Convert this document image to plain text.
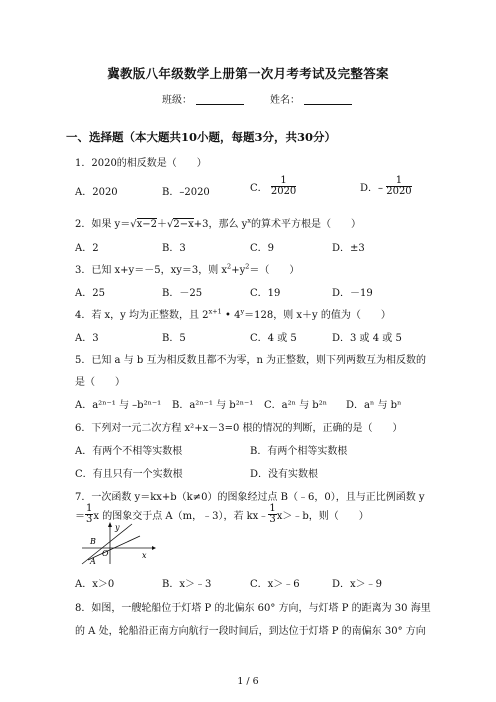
冀教版八年级数学上册第一次月考考试及完整答案
班级：	姓名：
一、选择题（本大题共10小题，每题3分，共30分）
1．2020的相反数是（　　）
A．2020	B．–2020	C． $\frac{1}{2020}$	D．– $\frac{1}{2020}$
2．如果 y＝√x−2＋√2−x+3，那么 $y^x$的算术平方根是（　　）
A．2	B．3	C．9	D．±3
3．已知 x+y＝－5，xy＝3，则 $x^2+y^2=$（　　）
A．25	B．－25	C．19	D．－19
4．若 x，y 均为正整数，且 $2^{x+1}$ • $4^y=128$，则 x＋y 的值为（　　）
A．3	B．5	C．4 或 5	D．3 或 4 或 5
5．已知 a 与 b 互为相反数且都不为零，n 为正整数，则下列两数互为相反数的
是（　　）
A．a²ⁿ⁻¹ 与 –b²ⁿ⁻¹ B．a²ⁿ⁻¹ 与 b²ⁿ⁻¹ C．a²ⁿ 与 b²ⁿ D．aⁿ 与 bⁿ
6．下列对一元二次方程 x²+x－3=0 根的情况的判断，正确的是（　　）
A．有两个不相等实数根	B．有两个相等实数根
C．有且只有一个实数根	D．没有实数根
7．一次函数 y＝kx+b（k≠0）的图象经过点 B（﹣6，0），且与正比例函数 y
＝ $\frac{1}{3}$ x 的图象交于点 A（m，﹣3），若 kx﹣ $\frac{1}{3}$ x＞﹣b，则（　　）
y
x
O
B
A
A．x＞0	B．x＞﹣3	C．x＞﹣6	D．x＞﹣9
8．如图，一艘轮船位于灯塔 P 的北偏东 60° 方向，与灯塔 P 的距离为 30 海里
的 A 处，轮船沿正南方向航行一段时间后，到达位于灯塔 P 的南偏东 30° 方向
1 / 6
